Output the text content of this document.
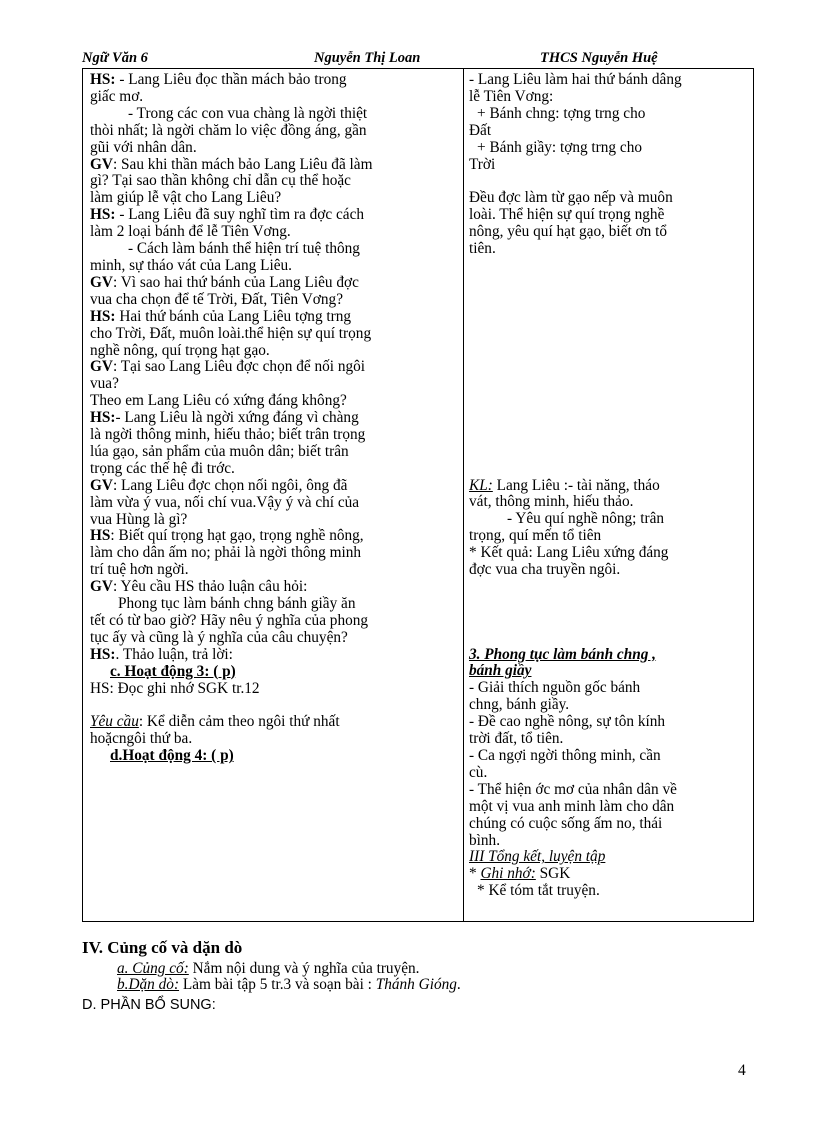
Ngữ Văn 6	Nguyễn Thị Loan	THCS Nguyễn Huệ

HS: - Lang Liêu đọc thần mách bảo trong

giấc mơ.

- Trong các con vua chàng là ngời thiệt

thòi nhất; là ngời chăm lo việc đồng áng, gần

gũi với nhân dân.

GV: Sau khi thần mách bảo Lang Liêu đã làm

gì? Tại sao thần không chỉ dẫn cụ thể hoặc

làm giúp lễ vật cho Lang Liêu?

HS: - Lang Liêu đã suy nghĩ tìm ra đợc cách

làm 2 loại bánh để lễ Tiên Vơng.

- Cách làm bánh thể hiện trí tuệ thông

minh, sự tháo vát của Lang Liêu.

GV: Vì sao hai thứ bánh của Lang Liêu đợc

vua cha chọn để tế Trời, Đất, Tiên Vơng?

HS: Hai thứ bánh của Lang Liêu tợng trng

cho Trời, Đất, muôn loài.thể hiện sự quí trọng

nghề nông, quí trọng hạt gạo.

GV: Tại sao Lang Liêu đợc chọn để nối ngôi

vua?

Theo em Lang Liêu có xứng đáng không?

HS:- Lang Liêu là ngời xứng đáng vì chàng

là ngời thông minh, hiếu thảo; biết trân trọng

lúa gạo, sản phẩm của muôn dân; biết trân

trọng các thế hệ đi trớc.

GV: Lang Liêu đợc chọn nối ngôi, ông đã

làm vừa ý vua, nối chí vua.Vậy ý và chí của

vua Hùng là gì?

HS: Biết quí trọng hạt gạo, trọng nghề nông,

làm cho dân ấm no; phải là ngời thông minh

trí tuệ hơn ngời.

GV: Yêu cầu HS thảo luận câu hỏi:

Phong tục làm bánh chng bánh giầy ăn

tết có từ bao giờ? Hãy nêu ý nghĩa của phong

tục ấy và cũng là ý nghĩa của câu chuyện?

HS:. Thảo luận, trả lời:

c. Hoạt động 3: ( p)

HS: Đọc ghi nhớ SGK tr.12

Yêu cầu: Kể diễn cảm theo ngôi thứ nhất

hoặcngôi thứ ba.

d.Hoạt động 4: ( p)

- Lang Liêu làm hai thứ bánh dâng

lễ Tiên Vơng:

+ Bánh chng: tợng trng cho

Đất

+ Bánh giầy: tợng trng cho

Trời

Đều đợc làm từ gạo nếp và muôn

loài. Thể hiện sự quí trọng nghề

nông, yêu quí hạt gạo, biết ơn tổ

tiên.

KL: Lang Liêu :- tài năng, tháo

vát, thông minh, hiếu thảo.

- Yêu quí nghề nông; trân

trọng, quí mến tổ tiên

* Kết quả: Lang Liêu xứng đáng

đợc vua cha truyền ngôi.

3. Phong tục làm bánh chng ,

bánh giầy

- Giải thích nguồn gốc bánh

chng, bánh giầy.

- Đề cao nghề nông, sự tôn kính

trời đất, tổ tiên.

- Ca ngợi ngời thông minh, cần

cù.

- Thể hiện ớc mơ của nhân dân về

một vị vua anh minh làm cho dân

chúng có cuộc sống ấm no, thái

bình.

III Tổng kết, luyện tập

* Ghi nhớ: SGK

* Kể tóm tắt truyện.

IV. Củng cố và dặn dò
a. Củng cố: Nắm nội dung và ý nghĩa của truyện.
b.Dặn dò: Làm bài tập 5 tr.3 và soạn bài : Thánh Gióng.
D. PHẦN BỔ SUNG:
4
